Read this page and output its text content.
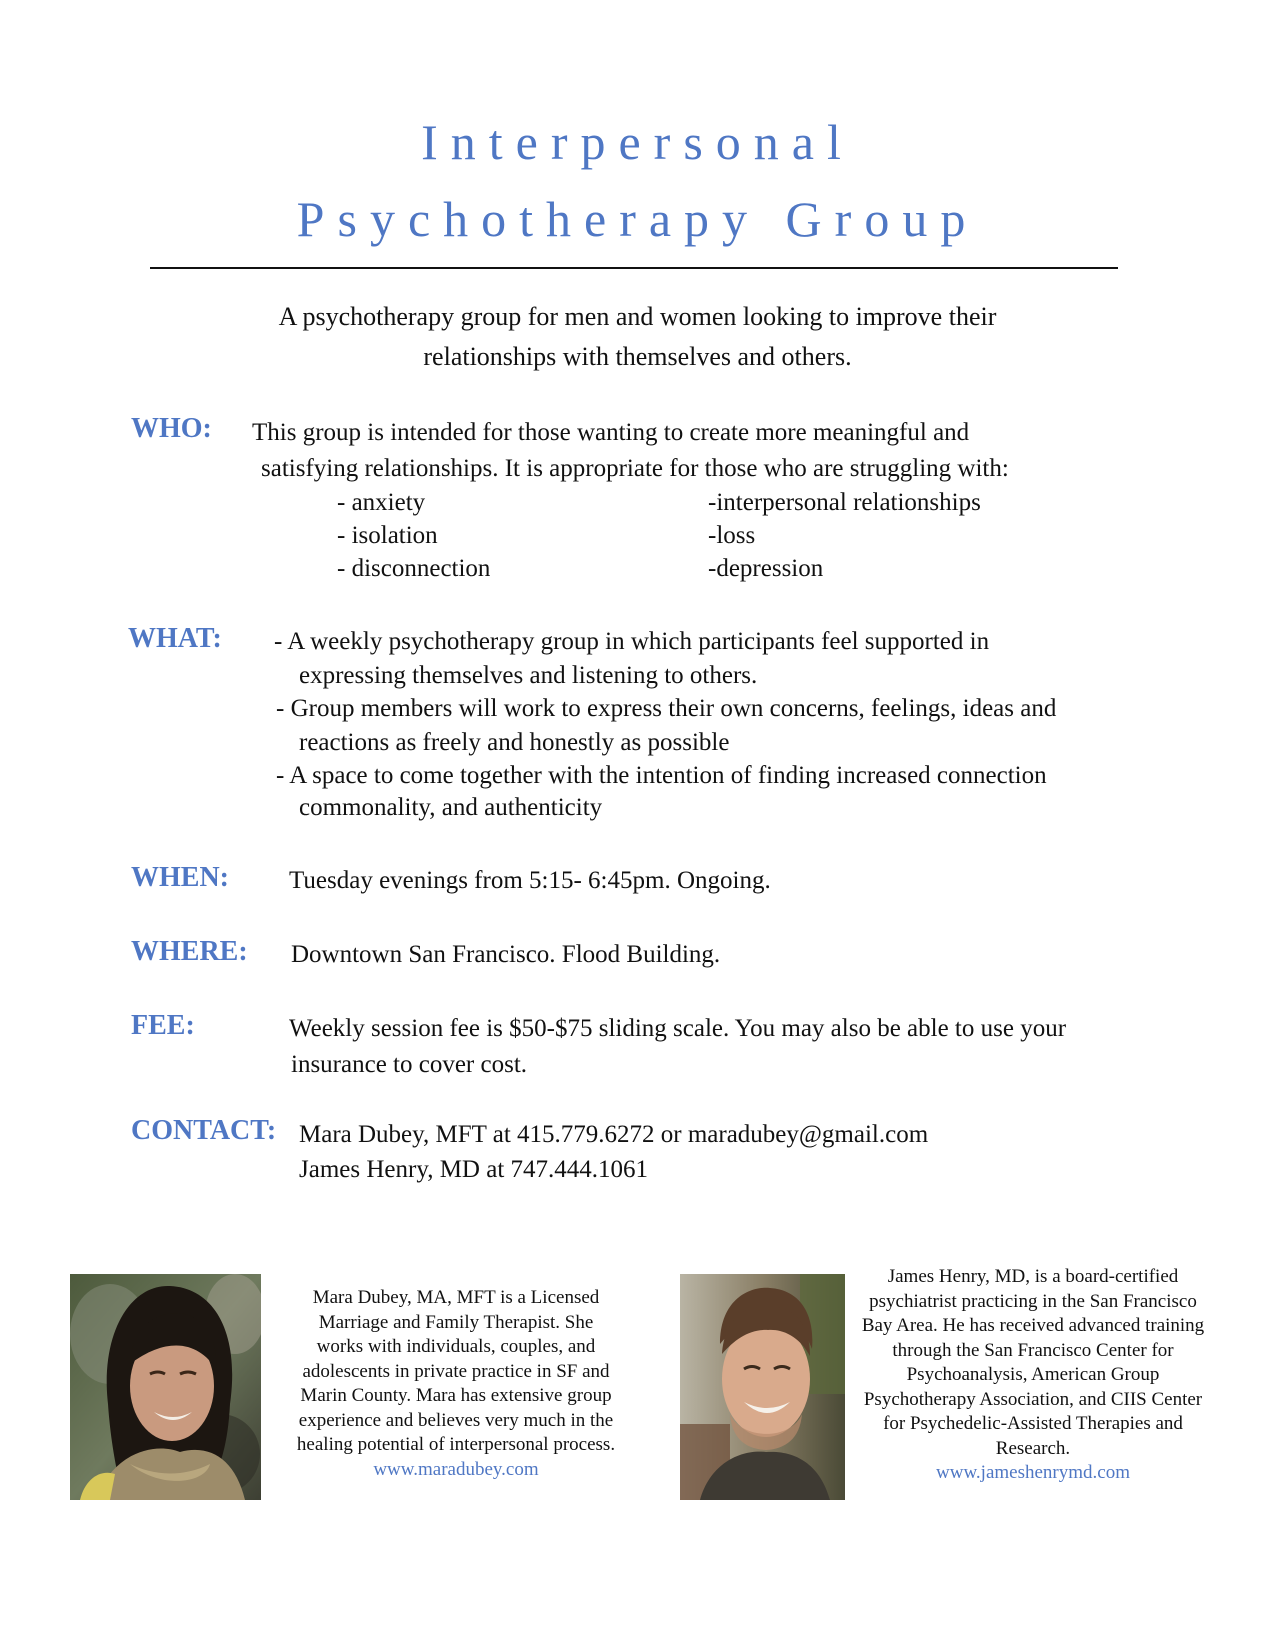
Interpersonal
Psychotherapy Group
A psychotherapy group for men and women looking to improve their
relationships with themselves and others.
WHO: This group is intended for those wanting to create more meaningful and
satisfying relationships. It is appropriate for those who are struggling with:
- anxiety
- isolation
- disconnection
-interpersonal relationships
-loss
-depression
WHAT: - A weekly psychotherapy group in which participants feel supported in
expressing themselves and listening to others.
- Group members will work to express their own concerns, feelings, ideas and
reactions as freely and honestly as possible
- A space to come together with the intention of finding increased connection
commonality, and authenticity
WHEN: Tuesday evenings from 5:15- 6:45pm. Ongoing.
WHERE: Downtown San Francisco. Flood Building.
FEE:	Weekly session fee is $50-$75 sliding scale. You may also be able to use your
insurance to cover cost.
CONTACT: Mara Dubey, MFT at 415.779.6272 or maradubey@gmail.com
James Henry, MD at 747.444.1061
Mara Dubey, MA, MFT is a Licensed
Marriage and Family Therapist. She
works with individuals, couples, and
adolescents in private practice in SF and
Marin County. Mara has extensive group
experience and believes very much in the
healing potential of interpersonal process.
www.maradubey.com
James Henry, MD, is a board-certified
psychiatrist practicing in the San Francisco
Bay Area. He has received advanced training
through the San Francisco Center for
Psychoanalysis, American Group
Psychotherapy Association, and CIIS Center
for Psychedelic-Assisted Therapies and
Research.
www.jameshenrymd.com
